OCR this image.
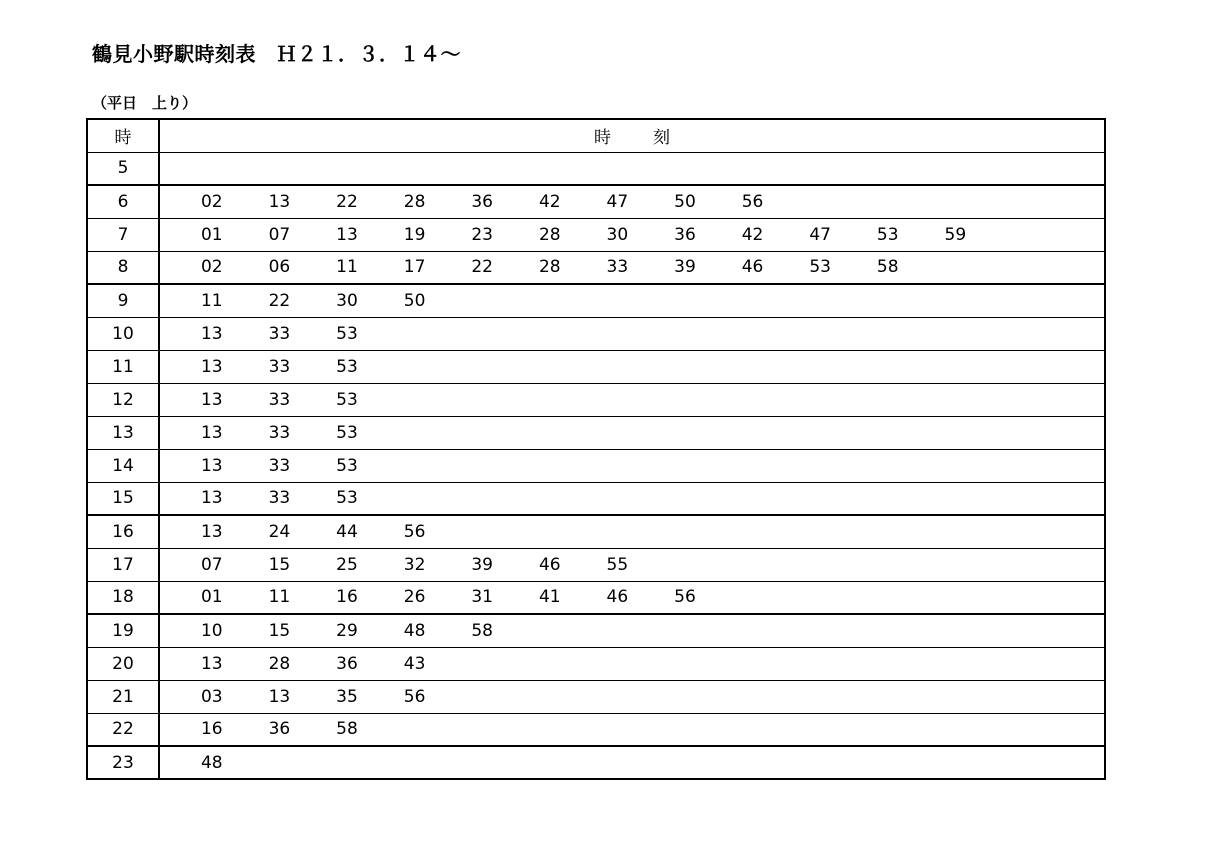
鶴見小野駅時刻表　Ｈ２１．３．１４～
（平日　上り）
時	時 刻
5	

6	02 13 22 28 36 42 47 50 56

7	01 07 13 19 23 28 30 36 42 47 53 59

8	02 06 11 17 22 28 33 39 46 53 58

9	11 22 30 50

10	13 33 53

11	13 33 53

12	13 33 53

13	13 33 53

14	13 33 53

15	13 33 53

16	13 24 44 56

17	07 15 25 32 39 46 55

18	01 11 16 26 31 41 46 56

19	10 15 29 48 58

20	13 28 36 43

21	03 13 35 56

22	16 36 58

23	48
